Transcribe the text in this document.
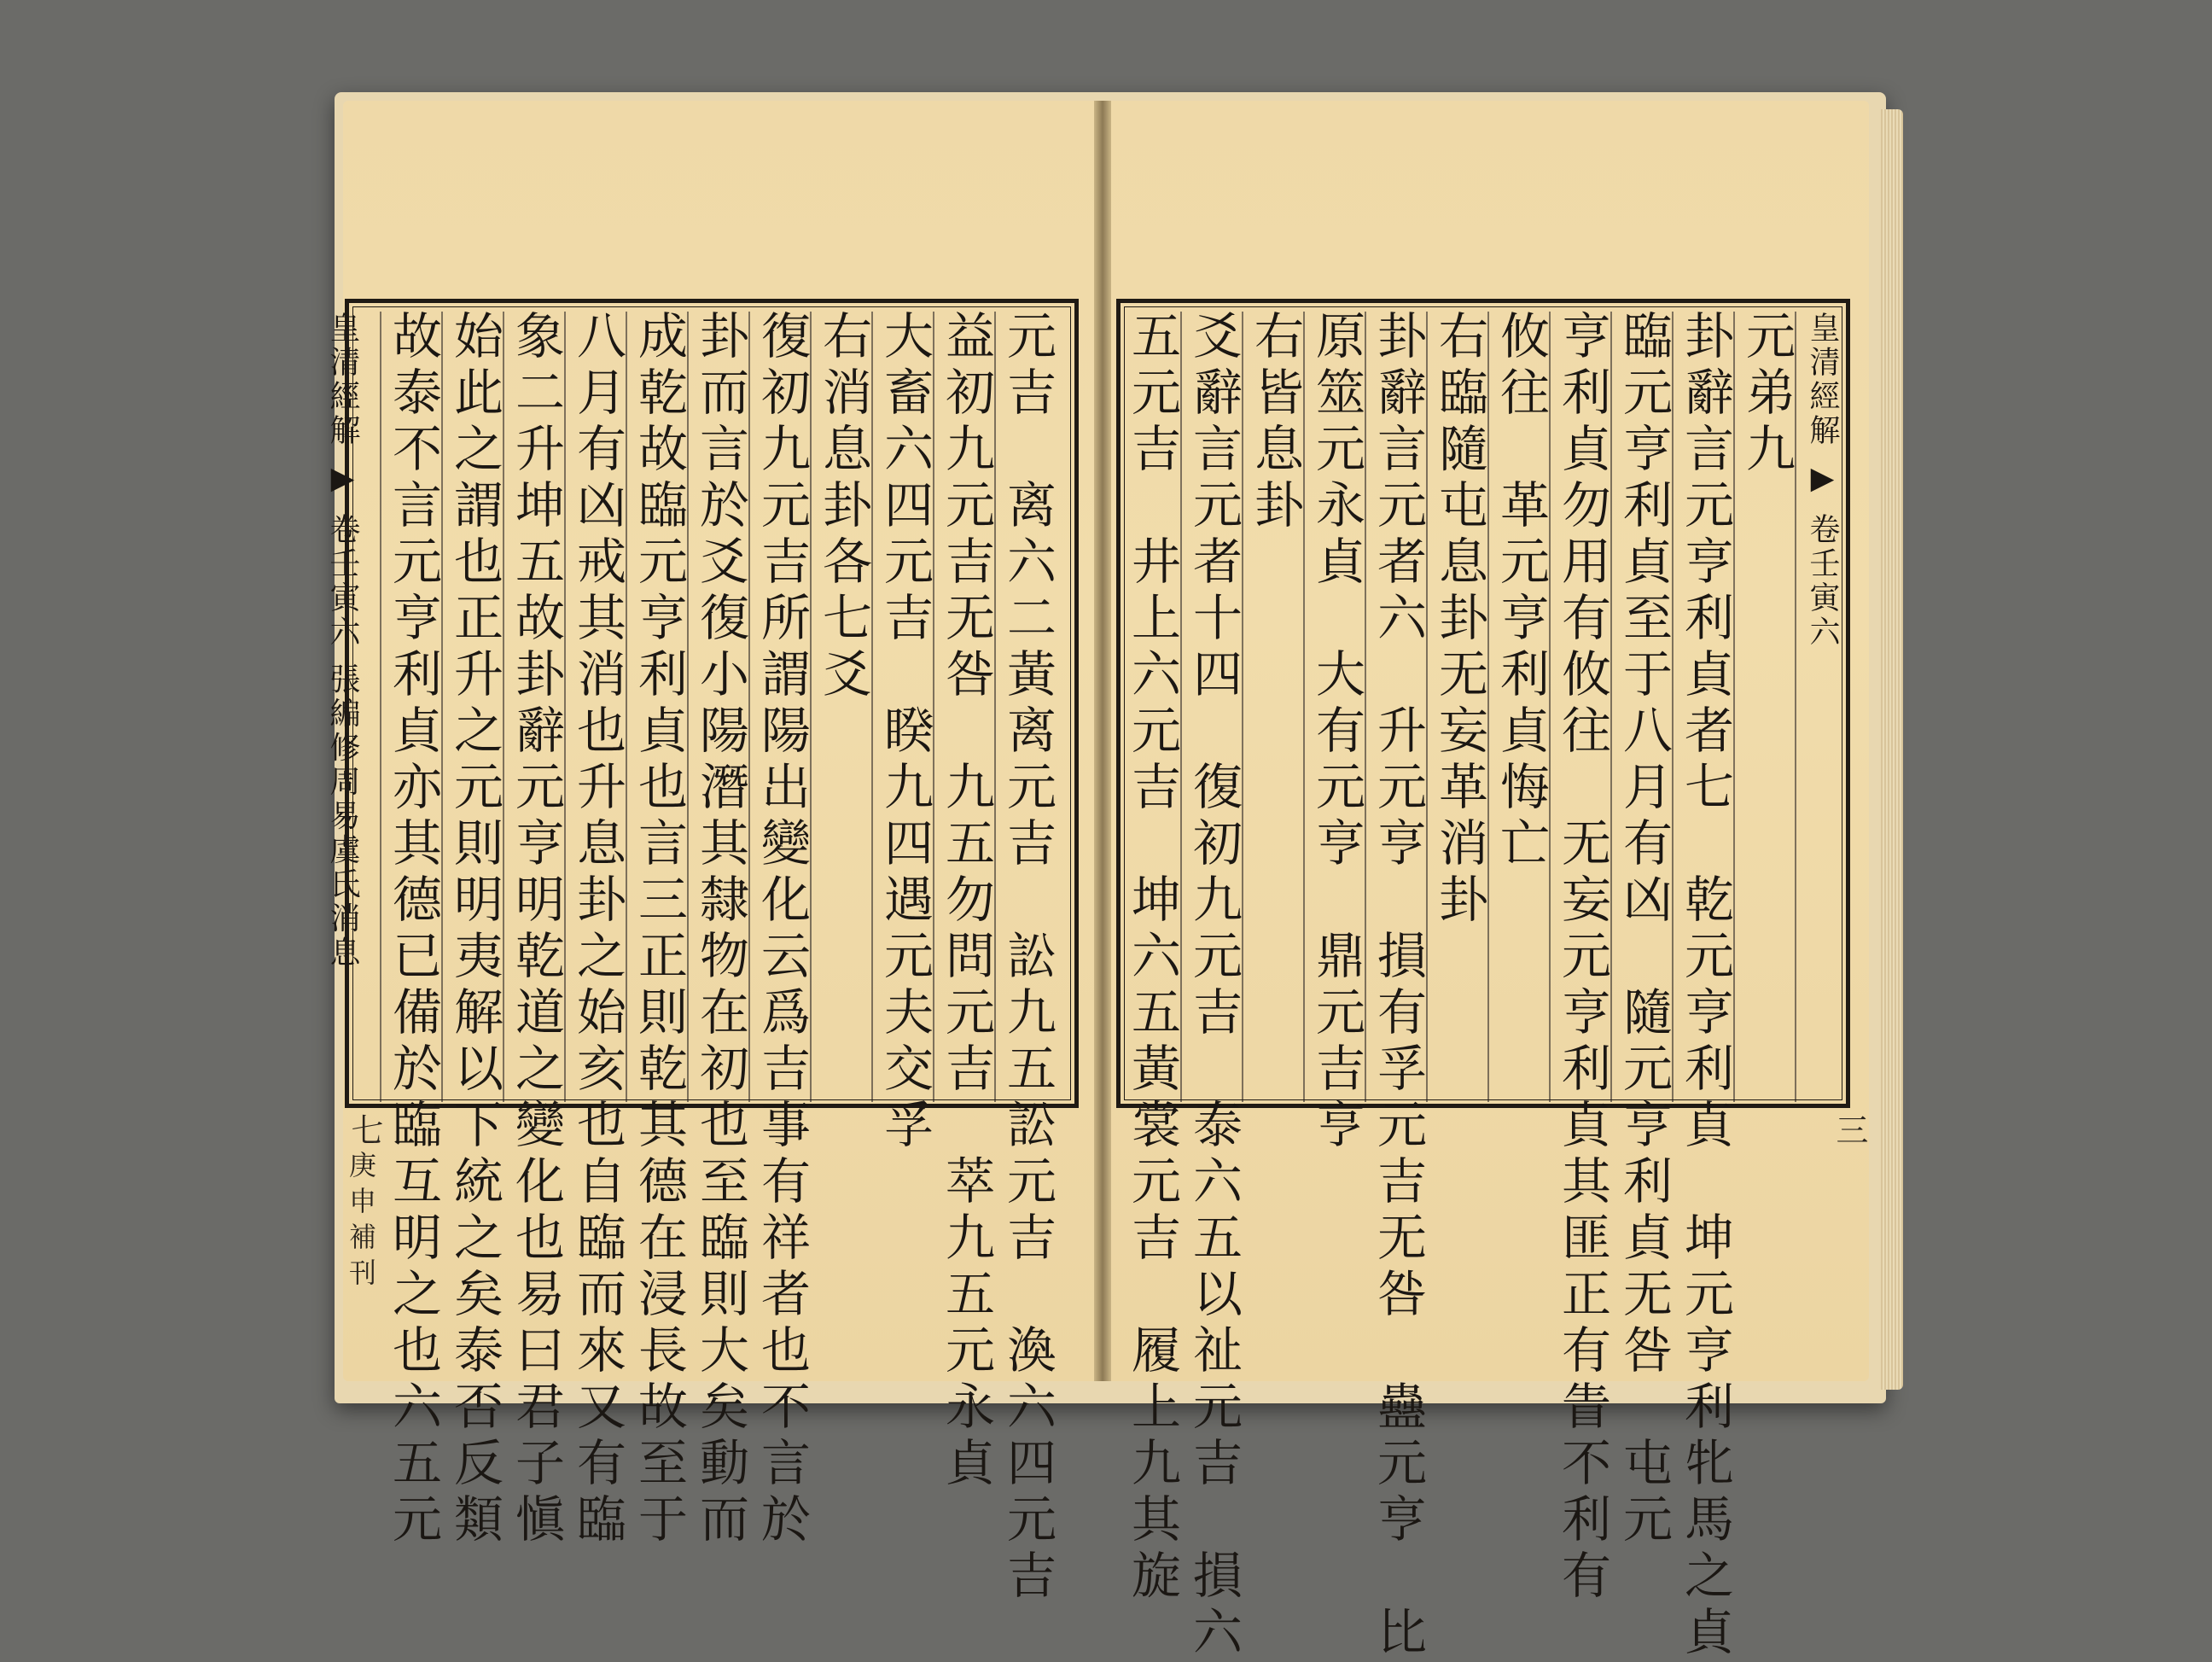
元吉　离六二黃离元吉　訟九五訟元吉　渙六四元吉
益初九元吉无咎　九五勿問元吉　萃九五元永貞
大畜六四元吉　睽九四遇元夫交孚
右消息卦各七爻
復初九元吉所謂陽出變化云爲吉事有祥者也不言於
卦而言於爻復小陽潛其隸物在初也至臨則大矣動而
成乾故臨元亨利貞也言三正則乾其德在浸長故至于
八月有凶戒其消也升息卦之始亥也自臨而來又有臨
象二升坤五故卦辭元亨明乾道之變化也易曰君子愼
始此之謂也正升之元則明夷解以下統之矣泰否反類
故泰不言元亨利貞亦其德已備於臨互明之也六五元
皇清經解 ▶ 卷壬寅六 張編修周易虞氏消息
七
庚申補刊
皇清經解 ▶ 卷壬寅六
元弟九
卦辭言元亨利貞者七　乾元亨利貞　坤元亨利牝馬之貞
臨元亨利貞至于八月有凶　隨元亨利貞无咎　屯元
亨利貞勿用有攸往　无妄元亨利貞其匪正有眚不利有
攸往　革元亨利貞悔亡
右臨隨屯息卦无妄革消卦
卦辭言元者六　升元亨　損有孚元吉无咎　蠱元亨　比
原筮元永貞　大有元亨　鼎元吉亨
右皆息卦
爻辭言元者十四　復初九元吉　泰六五以祉元吉　損六
五元吉　井上六元吉　坤六五黃裳元吉　履上九其旋	三
